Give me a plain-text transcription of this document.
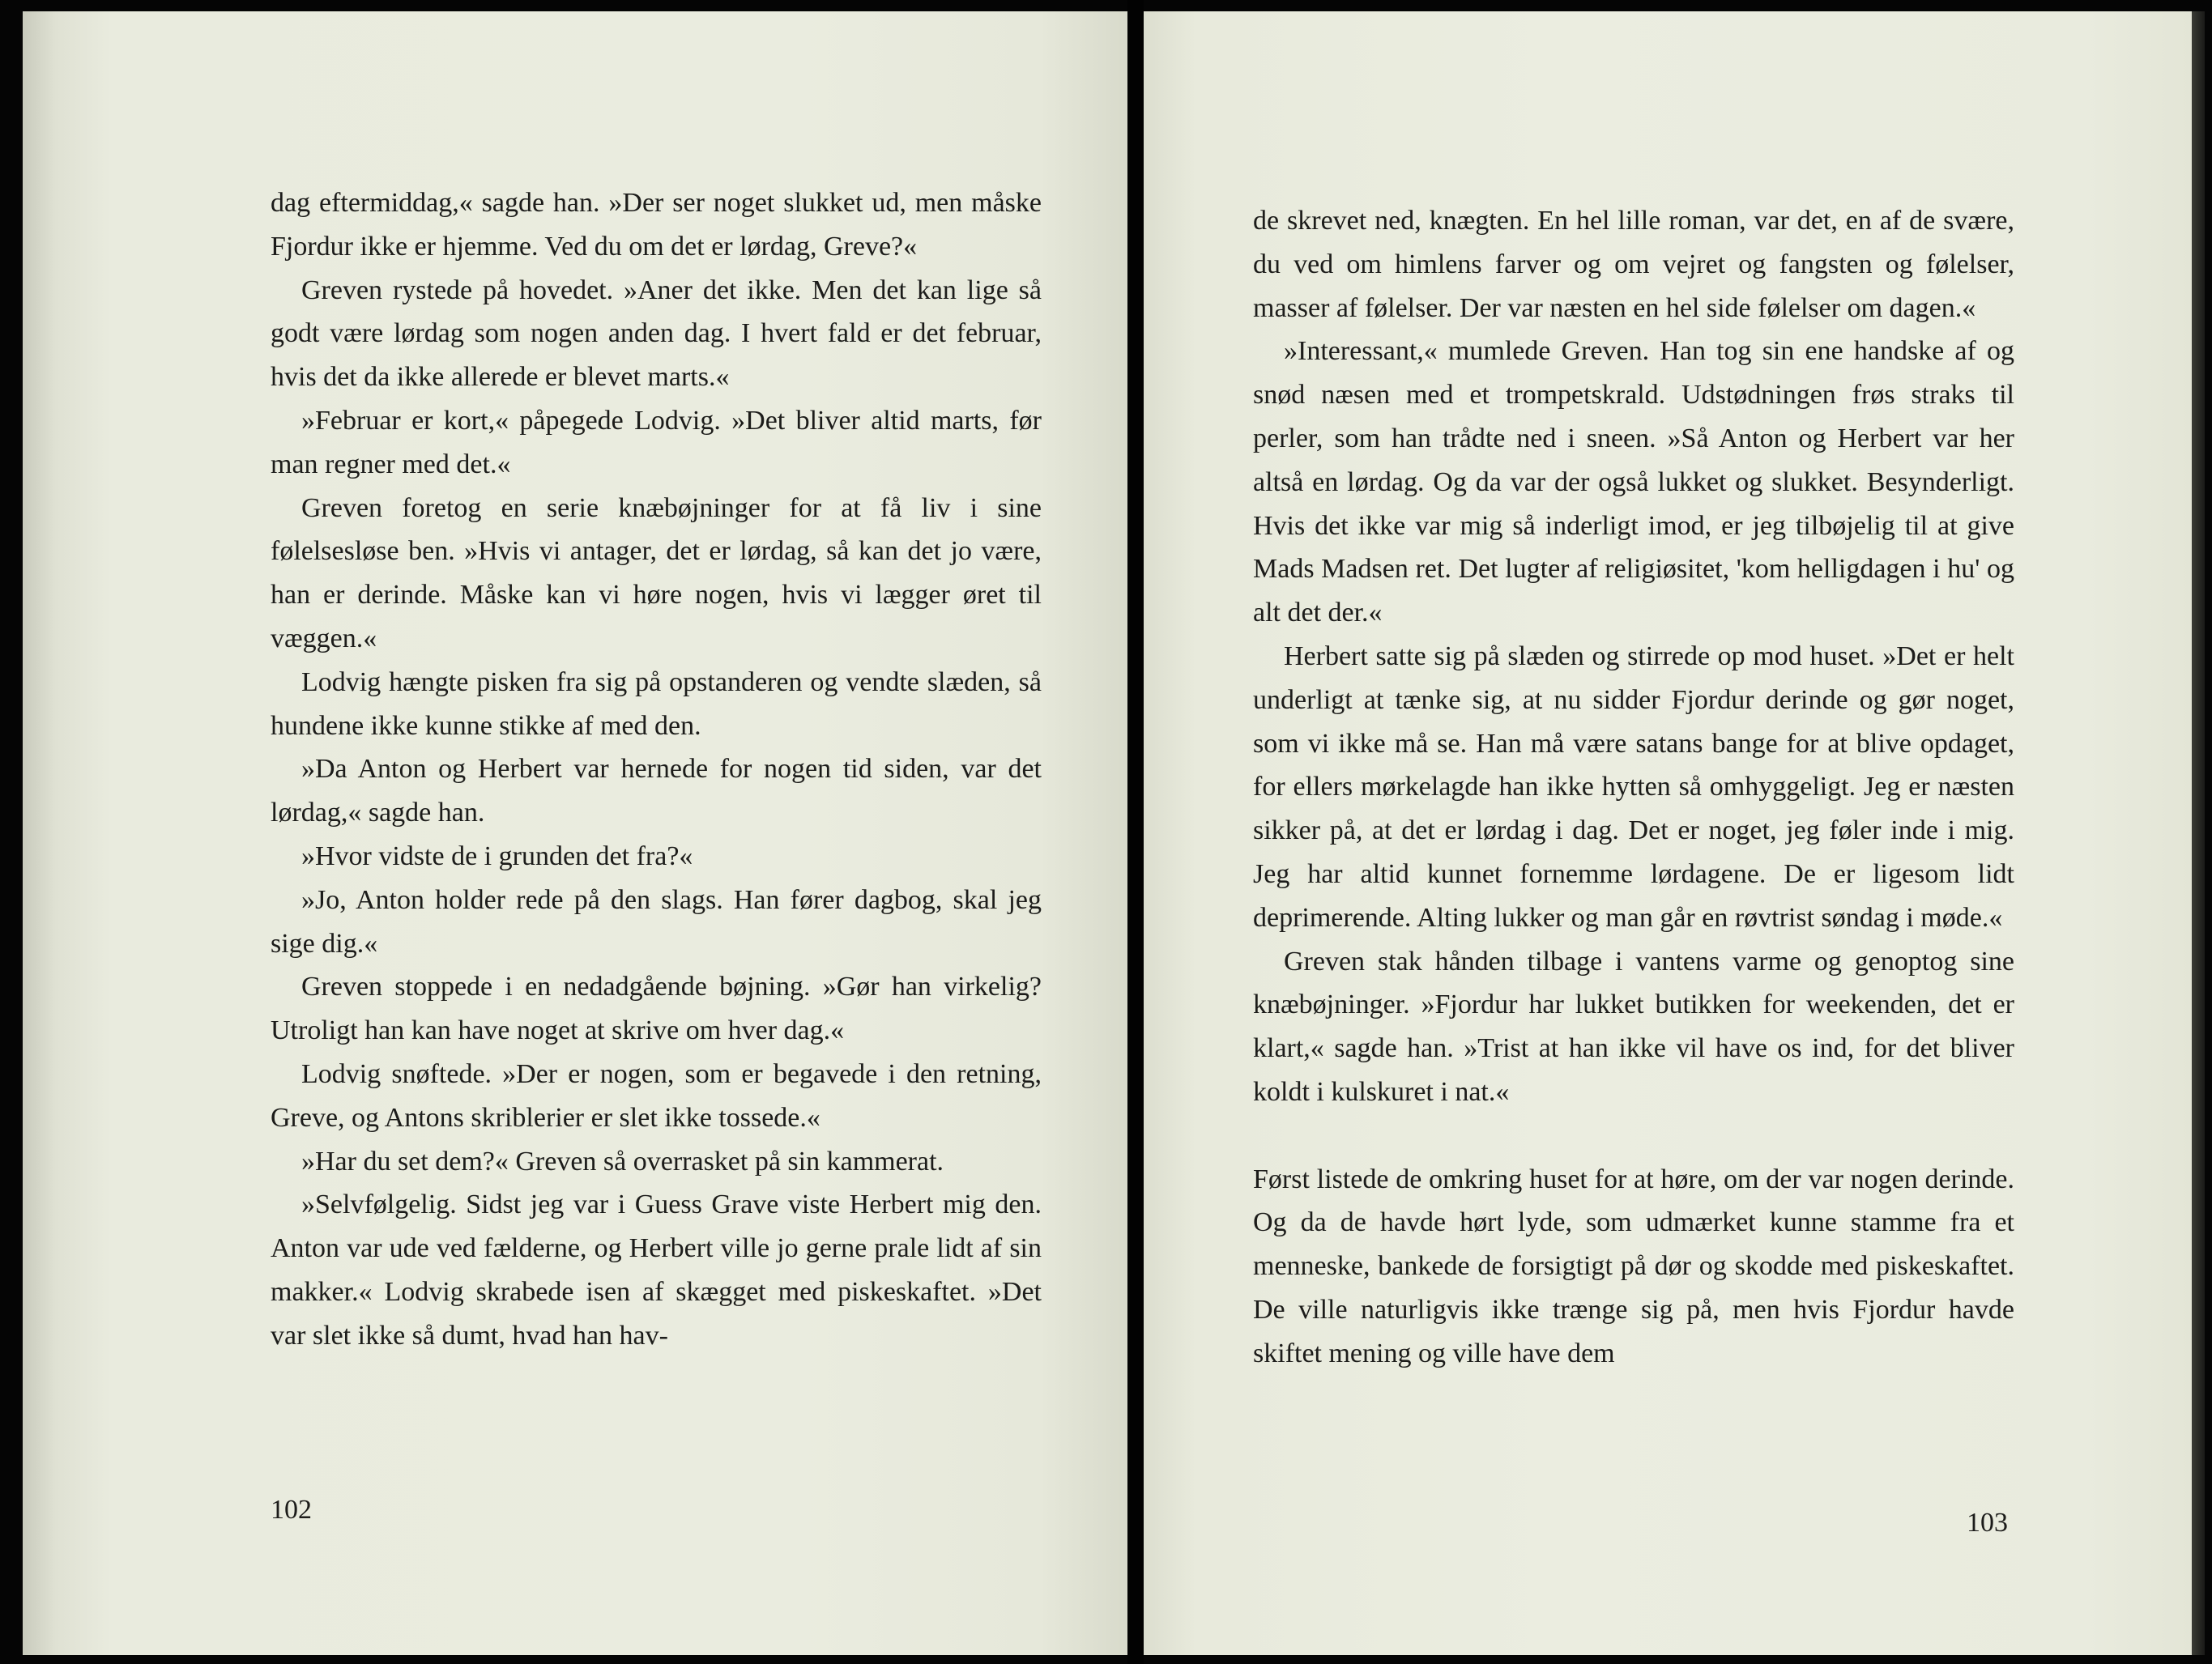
dag eftermiddag,« sagde han. »Der ser noget slukket ud, men måske Fjordur ikke er hjemme. Ved du om det er lørdag, Greve?«

Greven rystede på hovedet. »Aner det ikke. Men det kan lige så godt være lørdag som nogen anden dag. I hvert fald er det februar, hvis det da ikke allerede er blevet marts.«

»Februar er kort,« påpegede Lodvig. »Det bliver altid marts, før man regner med det.«

Greven foretog en serie knæbøjninger for at få liv i sine følelsesløse ben. »Hvis vi antager, det er lørdag, så kan det jo være, han er derinde. Måske kan vi høre nogen, hvis vi lægger øret til væggen.«

Lodvig hængte pisken fra sig på opstanderen og vendte slæden, så hundene ikke kunne stikke af med den.

»Da Anton og Herbert var hernede for nogen tid siden, var det lørdag,« sagde han.

»Hvor vidste de i grunden det fra?«

»Jo, Anton holder rede på den slags. Han fører dagbog, skal jeg sige dig.«

Greven stoppede i en nedadgående bøjning. »Gør han virkelig? Utroligt han kan have noget at skrive om hver dag.«

Lodvig snøftede. »Der er nogen, som er begavede i den retning, Greve, og Antons skriblerier er slet ikke tossede.«

»Har du set dem?« Greven så overrasket på sin kammerat.

»Selvfølgelig. Sidst jeg var i Guess Grave viste Herbert mig den. Anton var ude ved fælderne, og Herbert ville jo gerne prale lidt af sin makker.« Lodvig skrabede isen af skægget med piskeskaftet. »Det var slet ikke så dumt, hvad han hav-

102

de skrevet ned, knægten. En hel lille roman, var det, en af de svære, du ved om himlens farver og om vejret og fangsten og følelser, masser af følelser. Der var næsten en hel side følelser om dagen.«

»Interessant,« mumlede Greven. Han tog sin ene handske af og snød næsen med et trompetskrald. Udstødningen frøs straks til perler, som han trådte ned i sneen. »Så Anton og Herbert var her altså en lørdag. Og da var der også lukket og slukket. Besynderligt. Hvis det ikke var mig så inderligt imod, er jeg tilbøjelig til at give Mads Madsen ret. Det lugter af religiøsitet, 'kom helligdagen i hu' og alt det der.«

Herbert satte sig på slæden og stirrede op mod huset. »Det er helt underligt at tænke sig, at nu sidder Fjordur derinde og gør noget, som vi ikke må se. Han må være satans bange for at blive opdaget, for ellers mørkelagde han ikke hytten så omhyggeligt. Jeg er næsten sikker på, at det er lørdag i dag. Det er noget, jeg føler inde i mig. Jeg har altid kunnet fornemme lørdagene. De er ligesom lidt deprimerende. Alting lukker og man går en røvtrist søndag i møde.«

Greven stak hånden tilbage i vantens varme og genoptog sine knæbøjninger. »Fjordur har lukket butikken for weekenden, det er klart,« sagde han. »Trist at han ikke vil have os ind, for det bliver koldt i kulskuret i nat.«

Først listede de omkring huset for at høre, om der var nogen derinde. Og da de havde hørt lyde, som udmærket kunne stamme fra et menneske, bankede de forsigtigt på dør og skodde med piskeskaftet. De ville naturligvis ikke trænge sig på, men hvis Fjordur havde skiftet mening og ville have dem

103
